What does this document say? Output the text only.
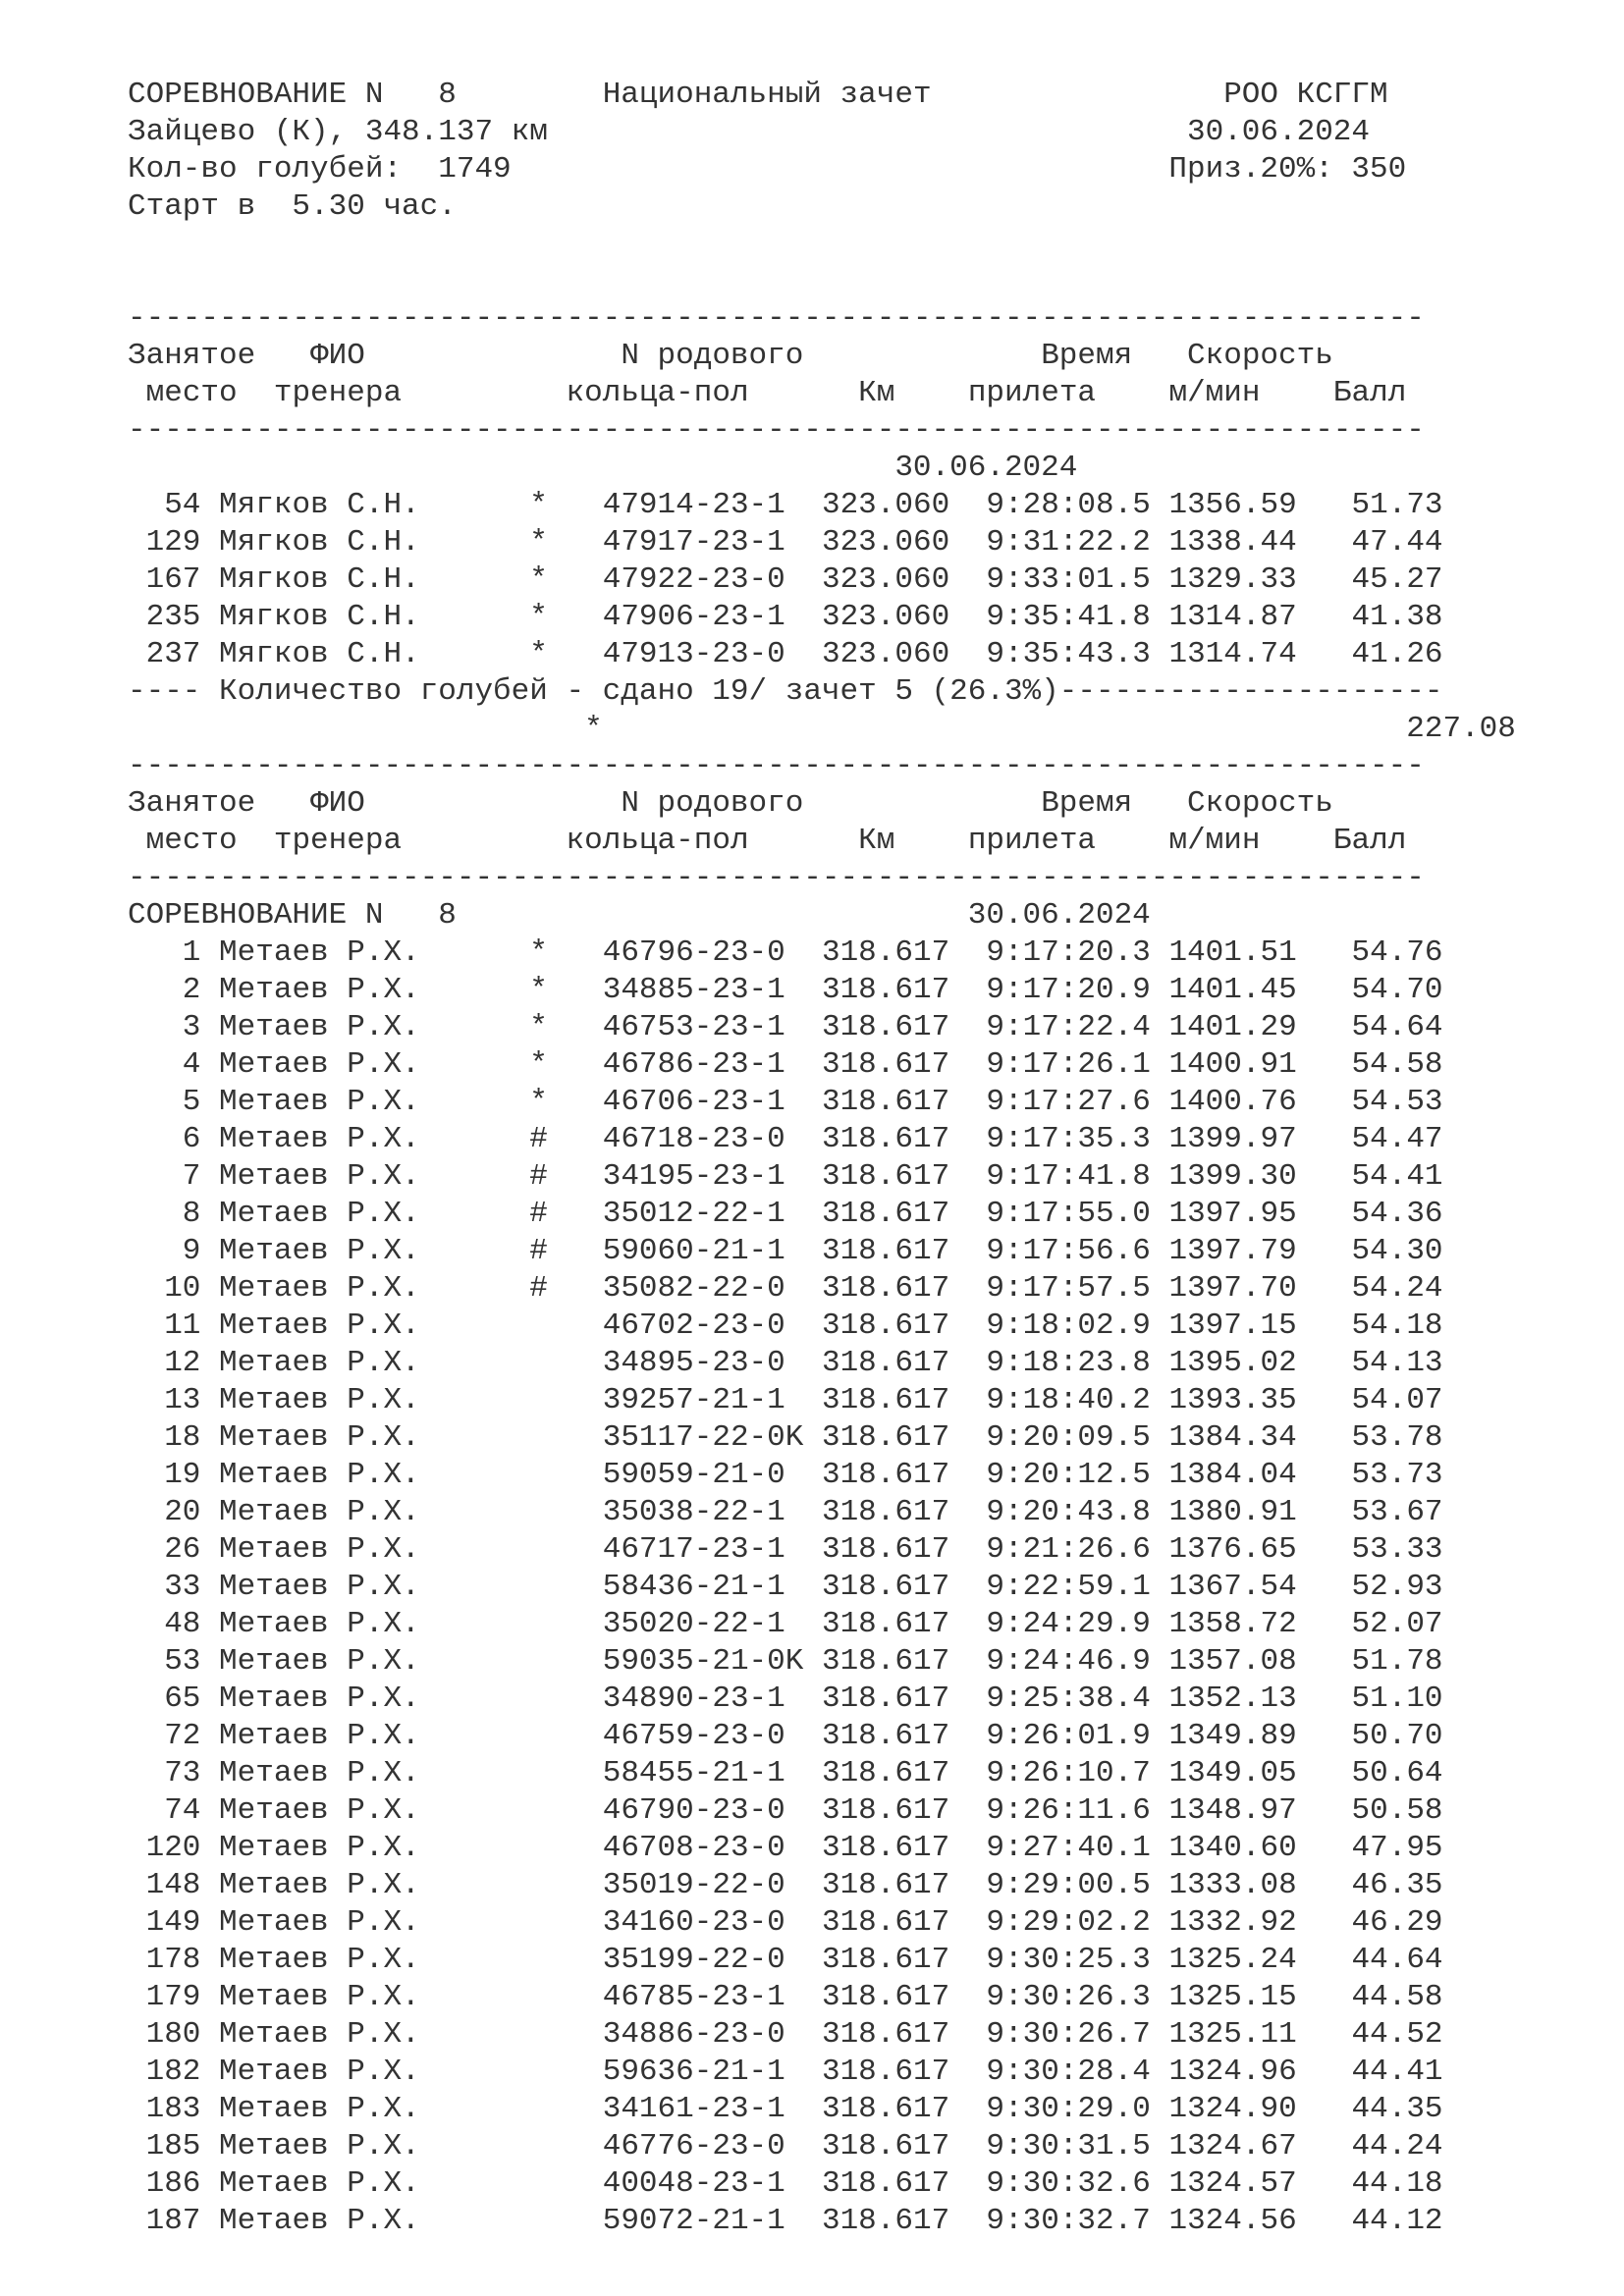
СОРЕВНОВАНИЕ N   8	Национальный зачет	РОО КСГГМ
Зайцево (К), 348.137 км	30.06.2024
Кол-во голубей:  1749	Приз.20%: 350
Старт в  5.30 час.
-----------------------------------------------------------------------
Занятое ФИО	N родового	Время Скорость
место тренера	кольца-пол	Км прилета м/мин Балл
-----------------------------------------------------------------------
30.06.2024
54 Мягков С.Н.	* 47914-23-1  323.060 9:28:08.5 1356.59   51.73
129 Мягков С.Н.	* 47917-23-1  323.060 9:31:22.2 1338.44   47.44
167 Мягков С.Н.	* 47922-23-0  323.060 9:33:01.5 1329.33   45.27
235 Мягков С.Н.	* 47906-23-1  323.060 9:35:41.8 1314.87   41.38
237 Мягков С.Н.	* 47913-23-0  323.060 9:35:43.3 1314.74   41.26
---- Количество голубей - сдано 19/ зачет 5 (26.3%)---------------------
*	227.08
-----------------------------------------------------------------------
Занятое ФИО	N родового	Время Скорость
место тренера	кольца-пол	Км прилета м/мин Балл
-----------------------------------------------------------------------
СОРЕВНОВАНИЕ N   8	30.06.2024
1 Метаев Р.Х.	* 46796-23-0  318.617 9:17:20.3 1401.51   54.76
2 Метаев Р.Х.	* 34885-23-1  318.617 9:17:20.9 1401.45   54.70
3 Метаев Р.Х.	* 46753-23-1  318.617 9:17:22.4 1401.29   54.64
4 Метаев Р.Х.	* 46786-23-1  318.617 9:17:26.1 1400.91   54.58
5 Метаев Р.Х.	* 46706-23-1  318.617 9:17:27.6 1400.76   54.53
6 Метаев Р.Х.	# 46718-23-0  318.617 9:17:35.3 1399.97   54.47
7 Метаев Р.Х.	# 34195-23-1  318.617 9:17:41.8 1399.30   54.41
8 Метаев Р.Х.	# 35012-22-1  318.617 9:17:55.0 1397.95   54.36
9 Метаев Р.Х.	# 59060-21-1  318.617 9:17:56.6 1397.79   54.30
10 Метаев Р.Х.	# 35082-22-0  318.617 9:17:57.5 1397.70   54.24
11 Метаев Р.Х.	46702-23-0  318.617 9:18:02.9 1397.15   54.18
12 Метаев Р.Х.	34895-23-0  318.617 9:18:23.8 1395.02   54.13
13 Метаев Р.Х.	39257-21-1  318.617 9:18:40.2 1393.35   54.07
18 Метаев Р.Х.	35117-22-0K 318.617 9:20:09.5 1384.34   53.78
19 Метаев Р.Х.	59059-21-0  318.617 9:20:12.5 1384.04   53.73
20 Метаев Р.Х.	35038-22-1  318.617 9:20:43.8 1380.91   53.67
26 Метаев Р.Х.	46717-23-1  318.617 9:21:26.6 1376.65   53.33
33 Метаев Р.Х.	58436-21-1  318.617 9:22:59.1 1367.54   52.93
48 Метаев Р.Х.	35020-22-1  318.617 9:24:29.9 1358.72   52.07
53 Метаев Р.Х.	59035-21-0K 318.617 9:24:46.9 1357.08   51.78
65 Метаев Р.Х.	34890-23-1  318.617 9:25:38.4 1352.13   51.10
72 Метаев Р.Х.	46759-23-0  318.617 9:26:01.9 1349.89   50.70
73 Метаев Р.Х.	58455-21-1  318.617 9:26:10.7 1349.05   50.64
74 Метаев Р.Х.	46790-23-0  318.617 9:26:11.6 1348.97   50.58
120 Метаев Р.Х.	46708-23-0  318.617 9:27:40.1 1340.60   47.95
148 Метаев Р.Х.	35019-22-0  318.617 9:29:00.5 1333.08   46.35
149 Метаев Р.Х.	34160-23-0  318.617 9:29:02.2 1332.92   46.29
178 Метаев Р.Х.	35199-22-0  318.617 9:30:25.3 1325.24   44.64
179 Метаев Р.Х.	46785-23-1  318.617 9:30:26.3 1325.15   44.58
180 Метаев Р.Х.	34886-23-0  318.617 9:30:26.7 1325.11   44.52
182 Метаев Р.Х.	59636-21-1  318.617 9:30:28.4 1324.96   44.41
183 Метаев Р.Х.	34161-23-1  318.617 9:30:29.0 1324.90   44.35
185 Метаев Р.Х.	46776-23-0  318.617 9:30:31.5 1324.67   44.24
186 Метаев Р.Х.	40048-23-1  318.617 9:30:32.6 1324.57   44.18
187 Метаев Р.Х.	59072-21-1  318.617 9:30:32.7 1324.56   44.12
